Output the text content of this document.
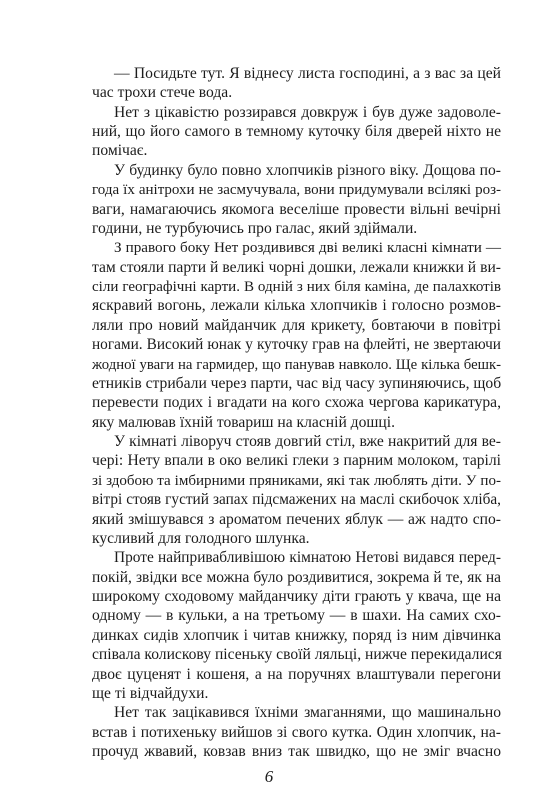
— Посидьте тут. Я віднесу листа господині, а з вас за цей
час трохи стече вода.
Нет з цікавістю роззирався довкруж і був дуже задоволе-
ний, що його самого в темному куточку біля дверей ніхто не
помічає.
У будинку було повно хлопчиків різного віку. Дощова по-
года їх анітрохи не засмучувала, вони придумували всілякі роз-
ваги, намагаючись якомога веселіше провести вільні вечірні
години, не турбуючись про галас, який здіймали.
З правого боку Нет роздивився дві великі класні кімнати —
там стояли парти й великі чорні дошки, лежали книжки й ви-
сіли географічні карти. В одній з них біля каміна, де палахкотів
яскравий вогонь, лежали кілька хлопчиків і голосно розмов-
ляли про новий майданчик для крикету, бовтаючи в повітрі
ногами. Високий юнак у куточку грав на флейті, не звертаючи
жодної уваги на гармидер, що панував навколо. Ще кілька бешк-
етників стрибали через парти, час від часу зупиняючись, щоб
перевести подих і вгадати на кого схожа чергова карикатура,
яку малював їхній товариш на класній дошці.
У кімнаті ліворуч стояв довгий стіл, вже накритий для ве-
чері: Нету впали в око великі глеки з парним молоком, тарілі
зі здобою та імбирними пряниками, які так люблять діти. У по-
вітрі стояв густий запах підсмажених на маслі скибочок хліба,
який змішувався з ароматом печених яблук — аж надто спо-
кусливий для голодного шлунка.
Проте найпривабливішою кімнатою Нетові видався перед-
покій, звідки все можна було роздивитися, зокрема й те, як на
широкому сходовому майданчику діти грають у квача, ще на
одному — в кульки, а на третьому — в шахи. На самих схо-
динках сидів хлопчик і читав книжку, поряд із ним дівчинка
співала колискову пісеньку своїй ляльці, нижче перекидалися
двоє цуценят і кошеня, а на поручнях влаштували перегони
ще ті відчайдухи.
Нет так зацікавився їхніми змаганнями, що машинально
встав і потихеньку вийшов зі свого кутка. Один хлопчик, на-
прочуд жвавий, ковзав вниз так швидко, що не зміг вчасно
6
